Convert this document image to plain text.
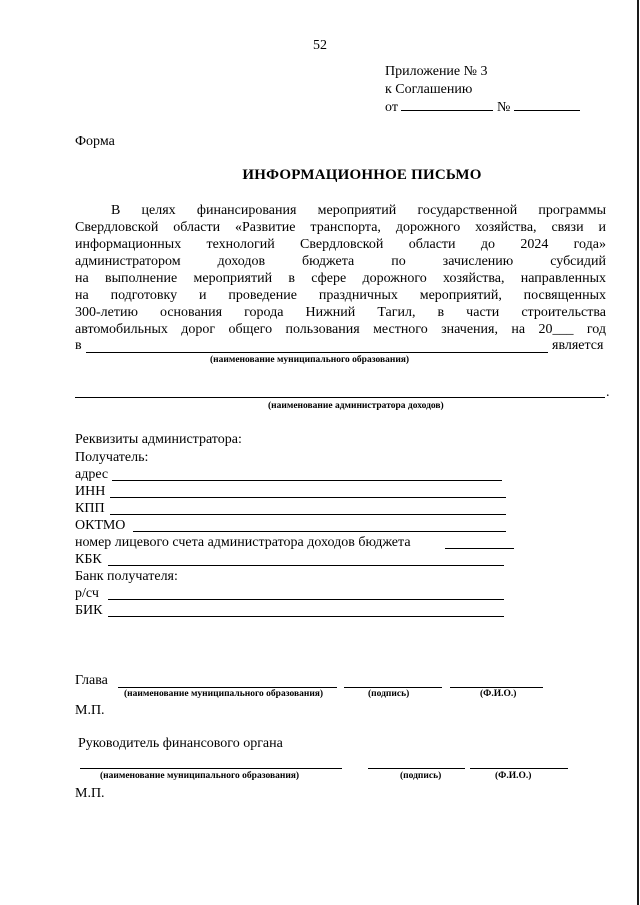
52
Приложение № 3
к Соглашению
от	№
Форма
ИНФОРМАЦИОННОЕ ПИСЬМО
В целях финансирования мероприятий государственной программы
Свердловской области «Развитие транспорта, дорожного хозяйства, связи и
информационных технологий Свердловской области до 2024 года»
администратором доходов бюджета по зачислению субсидий
на выполнение мероприятий в сфере дорожного хозяйства, направленных
на подготовку и проведение праздничных мероприятий, посвященных
300-летию основания города Нижний Тагил, в части строительства
автомобильных дорог общего пользования местного значения, на 20___ год
в	является
(наименование муниципального образования)
.
(наименование администратора доходов)
Реквизиты администратора:
Получатель:
адрес
ИНН
КПП
ОКТМО
номер лицевого счета администратора доходов бюджета
КБК
Банк получателя:
р/сч
БИК
Глава
(наименование муниципального образования)	(подпись)	(Ф.И.О.)
М.П.
Руководитель финансового органа
(наименование муниципального образования)	(подпись)	(Ф.И.О.)
М.П.
